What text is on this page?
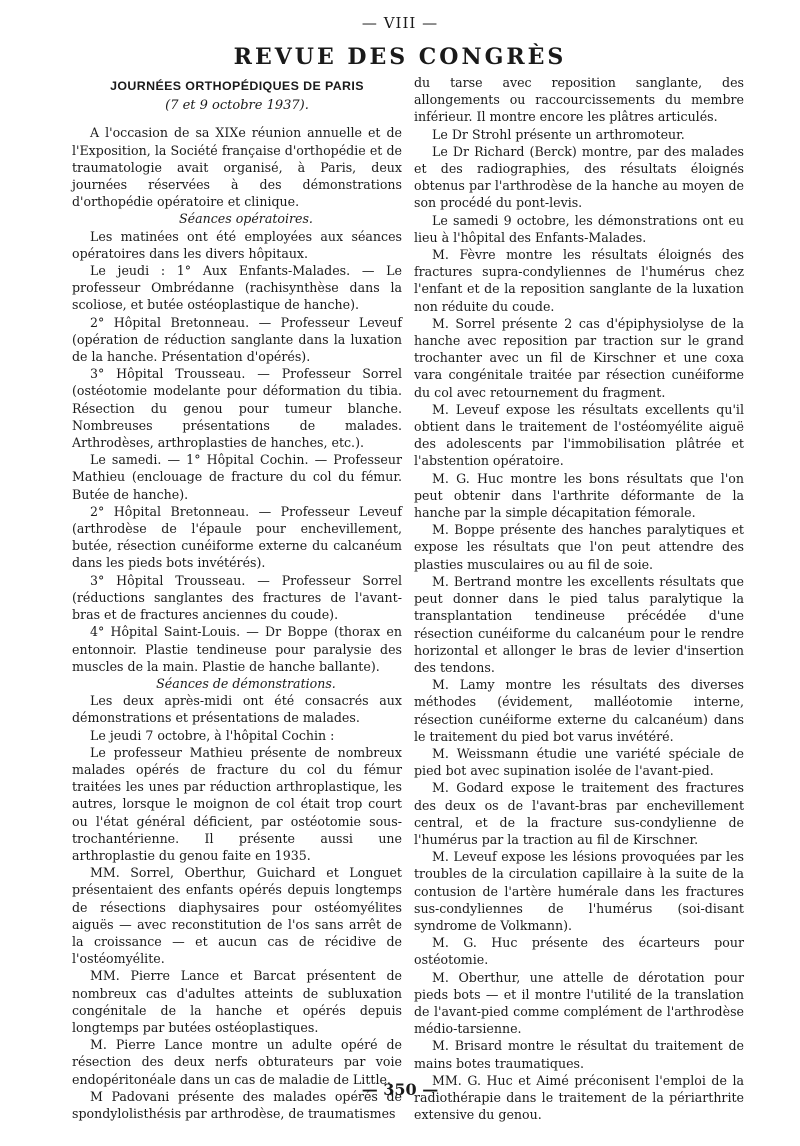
— VIII —
REVUE DES CONGRÈS
JOURNÉES ORTHOPÉDIQUES DE PARIS
(7 et 9 octobre 1937).

A l'occasion de sa XIXe réunion annuelle et de l'Exposition, la Société française d'orthopédie et de traumatologie avait organisé, à Paris, deux journées réservées à des démonstrations d'orthopédie opératoire et clinique.

Séances opératoires.

Les matinées ont été employées aux séances opératoires dans les divers hôpitaux.

Le jeudi : 1° Aux Enfants-Malades. — Le professeur Ombrédanne (rachisynthèse dans la scoliose, et butée ostéoplastique de hanche).

2° Hôpital Bretonneau. — Professeur Leveuf (opération de réduction sanglante dans la luxation de la hanche. Présentation d'opérés).

3° Hôpital Trousseau. — Professeur Sorrel (ostéotomie modelante pour déformation du tibia. Résection du genou pour tumeur blanche. Nombreuses présentations de malades. Arthrodèses, arthroplasties de hanches, etc.).

Le samedi. — 1° Hôpital Cochin. — Professeur Mathieu (enclouage de fracture du col du fémur. Butée de hanche).

2° Hôpital Bretonneau. — Professeur Leveuf (arthrodèse de l'épaule pour enchevillement, butée, résection cunéiforme externe du calcanéum dans les pieds bots invétérés).

3° Hôpital Trousseau. — Professeur Sorrel (réductions sanglantes des fractures de l'avant-bras et de fractures anciennes du coude).

4° Hôpital Saint-Louis. — Dr Boppe (thorax en entonnoir. Plastie tendineuse pour paralysie des muscles de la main. Plastie de hanche ballante).

Séances de démonstrations.

Les deux après-midi ont été consacrés aux démonstrations et présentations de malades.

Le jeudi 7 octobre, à l'hôpital Cochin :

Le professeur Mathieu présente de nombreux malades opérés de fracture du col du fémur traitées les unes par réduction arthroplastique, les autres, lorsque le moignon de col était trop court ou l'état général déficient, par ostéotomie sous-trochantérienne. Il présente aussi une arthroplastie du genou faite en 1935.

MM. Sorrel, Oberthur, Guichard et Longuet présentaient des enfants opérés depuis longtemps de résections diaphysaires pour ostéomyélites aiguës — avec reconstitution de l'os sans arrêt de la croissance — et aucun cas de récidive de l'ostéomyélite.

MM. Pierre Lance et Barcat présentent de nombreux cas d'adultes atteints de subluxation congénitale de la hanche et opérés depuis longtemps par butées ostéoplastiques.

M. Pierre Lance montre un adulte opéré de résection des deux nerfs obturateurs par voie endopéritonéale dans un cas de maladie de Little.

M Padovani présente des malades opérés de spondylolisthésis par arthrodèse, de traumatismes

du tarse avec reposition sanglante, des allongements ou raccourcissements du membre inférieur. Il montre encore les plâtres articulés.

Le Dr Strohl présente un arthromoteur.

Le Dr Richard (Berck) montre, par des malades et des radiographies, des résultats éloignés obtenus par l'arthrodèse de la hanche au moyen de son procédé du pont-levis.

Le samedi 9 octobre, les démonstrations ont eu lieu à l'hôpital des Enfants-Malades.

M. Fèvre montre les résultats éloignés des fractures supra-condyliennes de l'humérus chez l'enfant et de la reposition sanglante de la luxation non réduite du coude.

M. Sorrel présente 2 cas d'épiphysiolyse de la hanche avec reposition par traction sur le grand trochanter avec un fil de Kirschner et une coxa vara congénitale traitée par résection cunéiforme du col avec retournement du fragment.

M. Leveuf expose les résultats excellents qu'il obtient dans le traitement de l'ostéomyélite aiguë des adolescents par l'immobilisation plâtrée et l'abstention opératoire.

M. G. Huc montre les bons résultats que l'on peut obtenir dans l'arthrite déformante de la hanche par la simple décapitation fémorale.

M. Boppe présente des hanches paralytiques et expose les résultats que l'on peut attendre des plasties musculaires ou au fil de soie.

M. Bertrand montre les excellents résultats que peut donner dans le pied talus paralytique la transplantation tendineuse précédée d'une résection cunéiforme du calcanéum pour le rendre horizontal et allonger le bras de levier d'insertion des tendons.

M. Lamy montre les résultats des diverses méthodes (évidement, malléotomie interne, résection cunéiforme externe du calcanéum) dans le traitement du pied bot varus invétéré.

M. Weissmann étudie une variété spéciale de pied bot avec supination isolée de l'avant-pied.

M. Godard expose le traitement des fractures des deux os de l'avant-bras par enchevillement central, et de la fracture sus-condylienne de l'humérus par la traction au fil de Kirschner.

M. Leveuf expose les lésions provoquées par les troubles de la circulation capillaire à la suite de la contusion de l'artère humérale dans les fractures sus-condyliennes de l'humérus (soi-disant syndrome de Volkmann).

M. G. Huc présente des écarteurs pour ostéotomie.

M. Oberthur, une attelle de dérotation pour pieds bots — et il montre l'utilité de la translation de l'avant-pied comme complément de l'arthrodèse médio-tarsienne.

M. Brisard montre le résultat du traitement de mains botes traumatiques.

MM. G. Huc et Aimé préconisent l'emploi de la radiothérapie dans le traitement de la périarthrite extensive du genou.

— 350 —
